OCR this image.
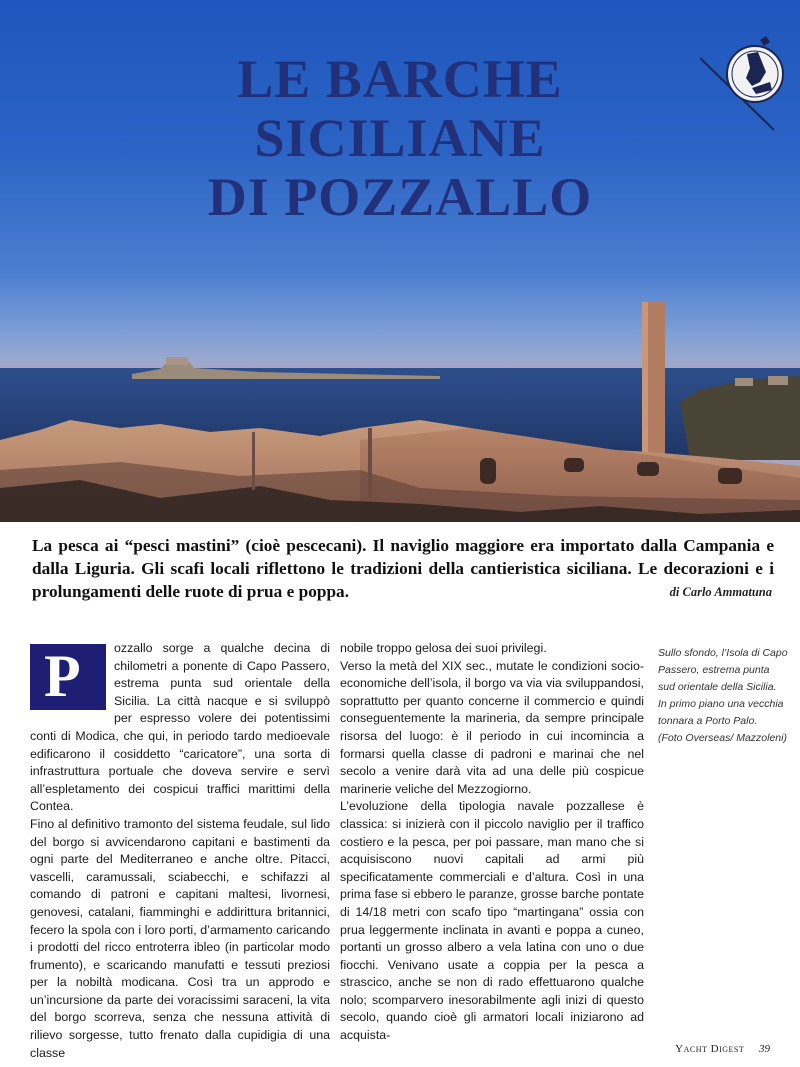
LE BARCHE
SICILIANE
DI POZZALLO

La pesca ai “pesci mastini” (cioè pescecani). Il naviglio maggiore era importato dalla Campania e dalla Liguria. Gli scafi locali riflettono le tradizioni della cantieristica siciliana. Le decorazioni e i prolungamenti delle ruote di prua e poppa.	di Carlo Ammatuna
P	ozzallo sorge a qualche decina di chilometri a ponente di Capo Passero, estrema punta sud orientale della Sicilia. La città nacque e si sviluppò per espresso volere dei potentissimi conti di Modica, che qui, in periodo tardo medioevale edificarono il cosiddetto “caricatore”, una sorta di infrastruttura portuale che doveva servire e servì all’espletamento dei cospicui traffici marittimi della Contea.

Fino al definitivo tramonto del sistema feudale, sul lido del borgo si avvicendarono capitani e bastimenti da ogni parte del Mediterraneo e anche oltre. Pitacci, vascelli, caramussali, sciabecchi, e schifazzi al comando di patroni e capitani maltesi, livornesi, genovesi, catalani, fiamminghi e addirittura britannici, fecero la spola con i loro porti, d’armamento caricando i prodotti del ricco entroterra ibleo (in particolar modo frumento), e scaricando manufatti e tessuti preziosi per la nobiltà modicana. Così tra un approdo e un’incursione da parte dei voracissimi saraceni, la vita del borgo scorreva, senza che nessuna attività di rilievo sorgesse, tutto frenato dalla cupidigia di una classe

nobile troppo gelosa dei suoi privilegi.

Verso la metà del XIX sec., mutate le condizioni socio-economiche dell’isola, il borgo va via via sviluppandosi, soprattutto per quanto concerne il commercio e quindi conseguentemente la marineria, da sempre principale risorsa del luogo: è il periodo in cui incomincia a formarsi quella classe di padroni e marinai che nel secolo a venire darà vita ad una delle più cospicue marinerie veliche del Mezzogiorno.

L’evoluzione della tipologia navale pozzallese è classica: si inizierà con il piccolo naviglio per il traffico costiero e la pesca, per poi passare, man mano che si acquisiscono nuovi capitali ad armi più specificatamente commerciali e d’altura. Così in una prima fase si ebbero le paranze, grosse barche pontate di 14/18 metri con scafo tipo “martingana” ossia con prua leggermente inclinata in avanti e poppa a cuneo, portanti un grosso albero a vela latina con uno o due fiocchi. Venivano usate a coppia per la pesca a strascico, anche se non di rado effettuarono qualche nolo; scomparvero inesorabilmente agli inizi di questo secolo, quando cioè gli armatori locali iniziarono ad acquista-

Sullo sfondo, l’Isola di Capo Passero, estrema punta sud orientale della Sicilia. In primo piano una vecchia tonnara a Porto Palo.

(Foto Overseas/ Mazzoleni)

Yacht Digest 39
